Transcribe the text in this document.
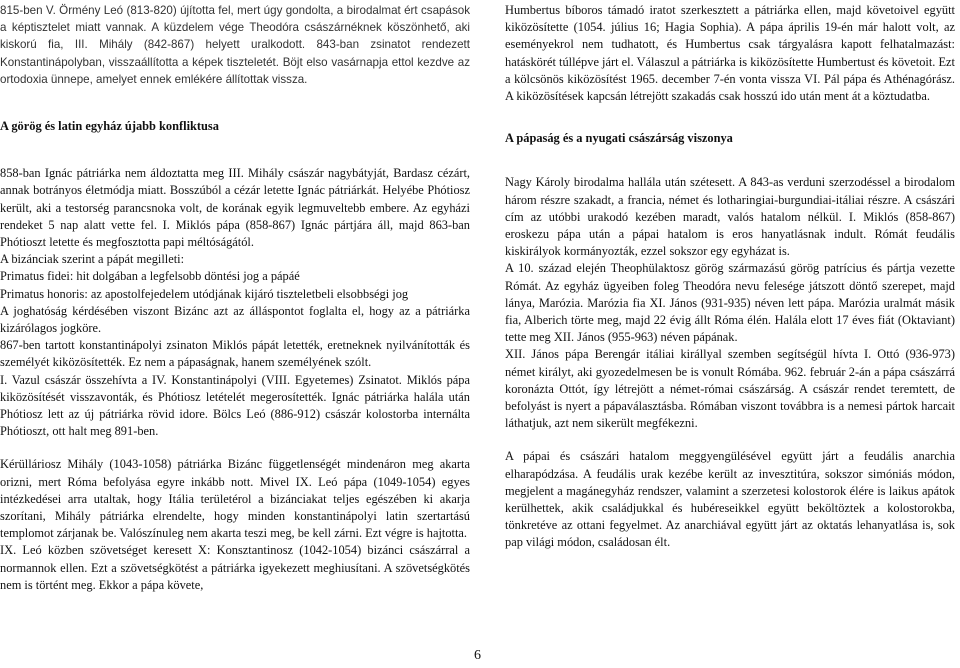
815-ben V. Örmény Leó (813-820) újította fel, mert úgy gondolta, a birodalmat ért csapások a képtisztelet miatt vannak. A küzdelem vége Theodóra császárnéknek köszönhető, aki kiskorú fia, III. Mihály (842-867) helyett uralkodott. 843-ban zsinatot rendezett Konstantinápolyban, visszaállította a képek tiszteletét. Böjt elso vasárnapja ettol kezdve az ortodoxia ünnepe, amelyet ennek emlékére állítottak vissza.

A görög és latin egyház újabb konfliktusa

858-ban Ignác pátriárka nem áldoztatta meg III. Mihály császár nagybátyját, Bardasz cézárt, annak botrányos életmódja miatt. Bosszúból a cézár letette Ignác pátriárkát. Helyébe Phótiosz került, aki a testorség parancsnoka volt, de korának egyik legmuveltebb embere. Az egyházi rendeket 5 nap alatt vette fel. I. Miklós pápa (858-867) Ignác pártjára áll, majd 863-ban Phótioszt letette és megfosztotta papi méltóságától.

A bizánciak szerint a pápát megilleti:

Primatus fidei: hit dolgában a legfelsobb döntési jog a pápáé

Primatus honoris: az apostolfejedelem utódjának kijáró tiszteletbeli elsobbségi jog

A joghatóság kérdésében viszont Bizánc azt az álláspontot foglalta el, hogy az a pátriárka kizárólagos jogköre.

867-ben tartott konstantinápolyi zsinaton Miklós pápát letették, eretneknek nyilvánították és személyét kiközösítették. Ez nem a pápaságnak, hanem személyének szólt.

I. Vazul császár összehívta a IV. Konstantinápolyi (VIII. Egyetemes) Zsinatot. Miklós pápa kiközösítését visszavonták, és Phótiosz letételét megerosítették. Ignác pátriárka halála után Phótiosz lett az új pátriárka rövid idore. Bölcs Leó (886-912) császár kolostorba internálta Phótioszt, ott halt meg 891-ben.

Kérülláriosz Mihály (1043-1058) pátriárka Bizánc függetlenségét mindenáron meg akarta orizni, mert Róma befolyása egyre inkább nott. Mivel IX. Leó pápa (1049-1054) egyes intézkedései arra utaltak, hogy Itália területérol a bizánciakat teljes egészében ki akarja szorítani, Mihály pátriárka elrendelte, hogy minden konstantinápolyi latin szertartású templomot zárjanak be. Valószínuleg nem akarta teszi meg, be kell zárni. Ezt végre is hajtotta.

IX. Leó közben szövetséget keresett X: Konsztantinosz (1042-1054) bizánci császárral a normannok ellen. Ezt a szövetségkötést a pátriárka igyekezett meghiusítani. A szövetségkötés nem is történt meg. Ekkor a pápa követe,

Humbertus bíboros támadó iratot szerkesztett a pátriárka ellen, majd követoivel együtt kiközösítette (1054. július 16; Hagia Sophia). A pápa április 19-én már halott volt, az eseményekrol nem tudhatott, és Humbertus csak tárgyalásra kapott felhatalmazást: hatáskörét túllépve járt el. Válaszul a pátriárka is kiközösítette Humbertust és követoit. Ezt a kölcsönös kiközösítést 1965. december 7-én vonta vissza VI. Pál pápa és Athénagórász. A kiközösítések kapcsán létrejött szakadás csak hosszú ido után ment át a köztudatba.

A pápaság és a nyugati császárság viszonya

Nagy Károly birodalma hallála után szétesett. A 843-as verduni szerzodéssel a birodalom három részre szakadt, a francia, német és lotharingiai-burgundiai-itáliai részre. A császári cím az utóbbi urakodó kezében maradt, valós hatalom nélkül. I. Miklós (858-867) eroskezu pápa után a pápai hatalom is eros hanyatlásnak indult. Rómát feudális kiskirályok kormányozták, ezzel sokszor egy egyházat is.

A 10. század elején Theophülaktosz görög származású görög patrícius és pártja vezette Rómát. Az egyház ügyeiben foleg Theodóra nevu felesége játszott döntő szerepet, majd lánya, Marózia. Marózia fia XI. János (931-935) néven lett pápa. Marózia uralmát másik fia, Alberich törte meg, majd 22 évig állt Róma élén. Halála elott 17 éves fiát (Oktaviant) tette meg XII. János (955-963) néven pápának.

XII. János pápa Berengár itáliai királlyal szemben segítségül hívta I. Ottó (936-973) német királyt, aki gyozedelmesen be is vonult Rómába. 962. február 2-án a pápa császárrá koronázta Ottót, így létrejött a német-római császárság. A császár rendet teremtett, de befolyást is nyert a pápaválasztásba. Rómában viszont továbbra is a nemesi pártok harcait láthatjuk, azt nem sikerült megfékezni.

A pápai és császári hatalom meggyengülésével együtt járt a feudális anarchia elharapódzása. A feudális urak kezébe került az invesztitúra, sokszor simóniás módon, megjelent a magánegyház rendszer, valamint a szerzetesi kolostorok élére is laikus apátok kerülhettek, akik családjukkal és hubéreseikkel együtt beköltöztek a kolostorokba, tönkretéve az ottani fegyelmet. Az anarchiával együtt járt az oktatás lehanyatlása is, sok pap világi módon, családosan élt.

6
